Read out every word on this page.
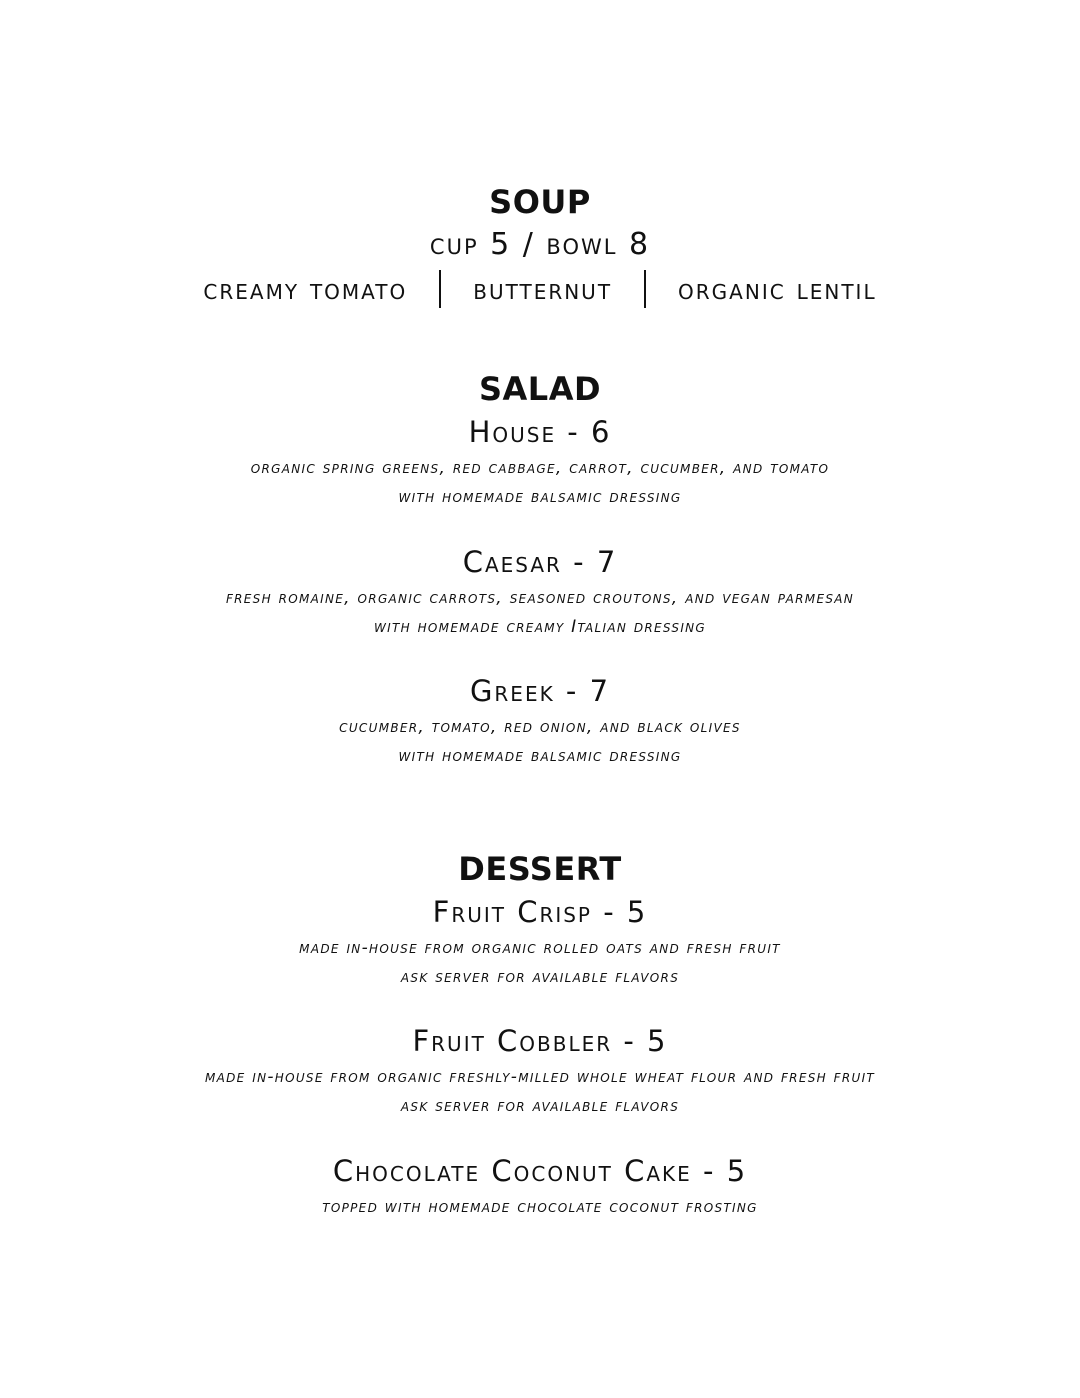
SOUP
cup 5 / bowl 8
creamy tomato butternut organic lentil
SALAD
House - 6
organic spring greens, red cabbage, carrot, cucumber, and tomato
with homemade balsamic dressing
Caesar - 7
fresh romaine, organic carrots, seasoned croutons, and vegan parmesan
with homemade creamy Italian dressing
Greek - 7
cucumber, tomato, red onion, and black olives
with homemade balsamic dressing
DESSERT
Fruit Crisp - 5
made in-house from organic rolled oats and fresh fruit
ask server for available flavors
Fruit Cobbler - 5
made in-house from organic freshly-milled whole wheat flour and fresh fruit
ask server for available flavors
Chocolate Coconut Cake - 5
topped with homemade chocolate coconut frosting
